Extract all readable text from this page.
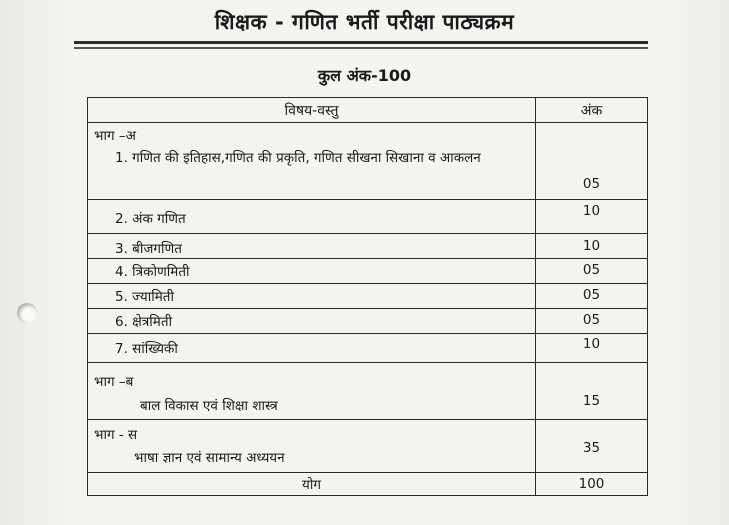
शिक्षक - गणित भर्ती परीक्षा पाठ्यक्रम
कुल अंक-100
विषय-वस्तु	अंक

भाग –अ
1. गणित की इतिहास,गणित की प्रकृति, गणित सीखना सिखाना व आकलन	05

2. अंक गणित	10

3. बीजगणित	10

4. त्रिकोणमिती	05

5. ज्यामिती	05

6. क्षेत्रमिती	05

7. सांख्यिकी	10

भाग –ब
बाल विकास एवं शिक्षा शास्त्र	15

भाग - स
भाषा ज्ञान एवं सामान्य अध्ययन	35

योग	100
